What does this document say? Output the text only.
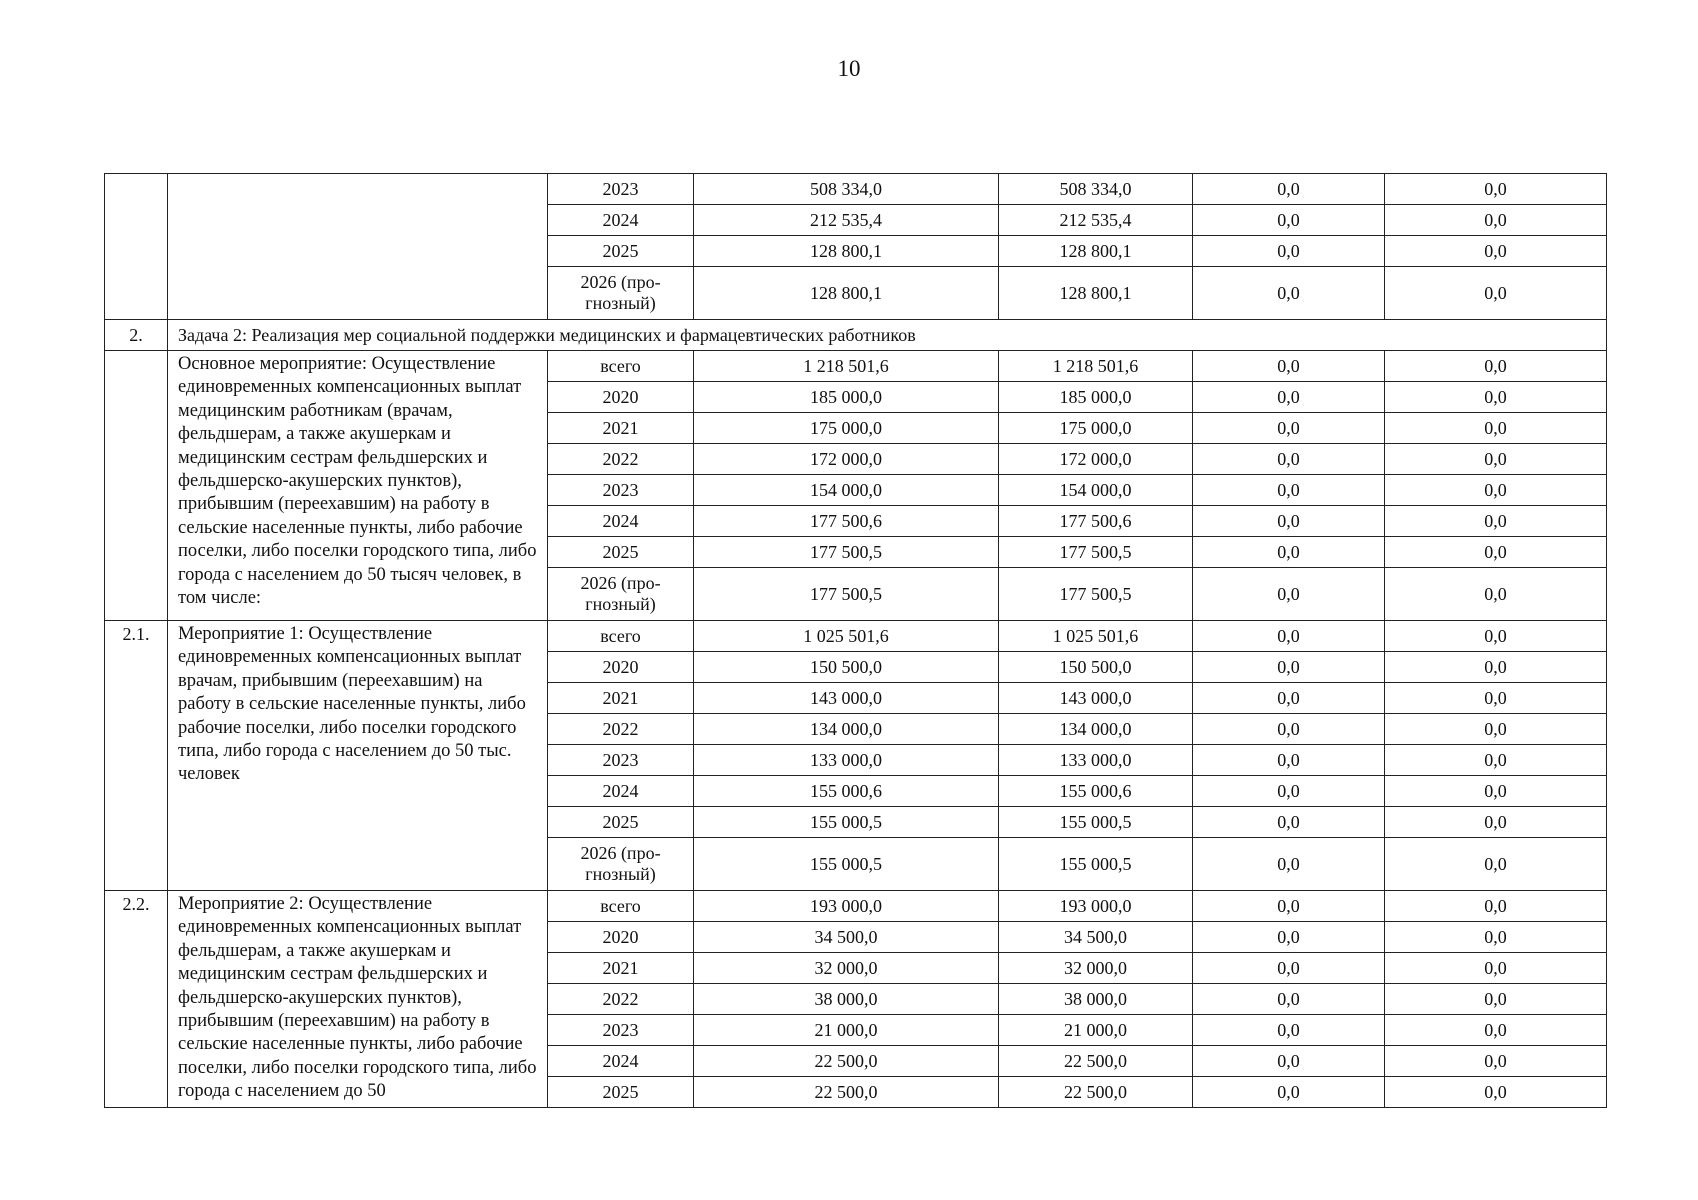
10
		2023	508 334,0	508 334,0	0,0	0,0
		2024	212 535,4	212 535,4	0,0	0,0
		2025	128 800,1	128 800,1	0,0	0,0
		2026 (про-гнозный)	128 800,1	128 800,1	0,0	0,0
2.	Задача 2: Реализация мер социальной поддержки медицинских и фармацевтических работников					
	Основное мероприятие: Осуществление единовременных компенсационных выплат медицинским работникам (врачам, фельдшерам, а также акушеркам и медицинским сестрам фельдшерских и фельдшерско-акушерских пунктов), прибывшим (переехавшим) на работу в сельские населенные пункты, либо рабочие поселки, либо поселки городского типа, либо города с населением до 50 тысяч человек, в том числе:	всего	1 218 501,6	1 218 501,6	0,0	0,0
		2020	185 000,0	185 000,0	0,0	0,0
		2021	175 000,0	175 000,0	0,0	0,0
		2022	172 000,0	172 000,0	0,0	0,0
		2023	154 000,0	154 000,0	0,0	0,0
		2024	177 500,6	177 500,6	0,0	0,0
		2025	177 500,5	177 500,5	0,0	0,0
		2026 (про-гнозный)	177 500,5	177 500,5	0,0	0,0
2.1.	Мероприятие 1: Осуществление единовременных компенсационных выплат врачам, прибывшим (переехавшим) на работу в сельские населенные пункты, либо рабочие поселки, либо поселки городского типа, либо города с населением до 50 тыс. человек	всего	1 025 501,6	1 025 501,6	0,0	0,0
		2020	150 500,0	150 500,0	0,0	0,0
		2021	143 000,0	143 000,0	0,0	0,0
		2022	134 000,0	134 000,0	0,0	0,0
		2023	133 000,0	133 000,0	0,0	0,0
		2024	155 000,6	155 000,6	0,0	0,0
		2025	155 000,5	155 000,5	0,0	0,0
		2026 (про-гнозный)	155 000,5	155 000,5	0,0	0,0
2.2.	Мероприятие 2: Осуществление единовременных компенсационных выплат фельдшерам, а также акушеркам и медицинским сестрам фельдшерских и фельдшерско-акушерских пунктов), прибывшим (переехавшим) на работу в сельские населенные пункты, либо рабочие поселки, либо поселки городского типа, либо города с населением до 50	всего	193 000,0	193 000,0	0,0	0,0
		2020	34 500,0	34 500,0	0,0	0,0
		2021	32 000,0	32 000,0	0,0	0,0
		2022	38 000,0	38 000,0	0,0	0,0
		2023	21 000,0	21 000,0	0,0	0,0
		2024	22 500,0	22 500,0	0,0	0,0
		2025	22 500,0	22 500,0	0,0	0,0
